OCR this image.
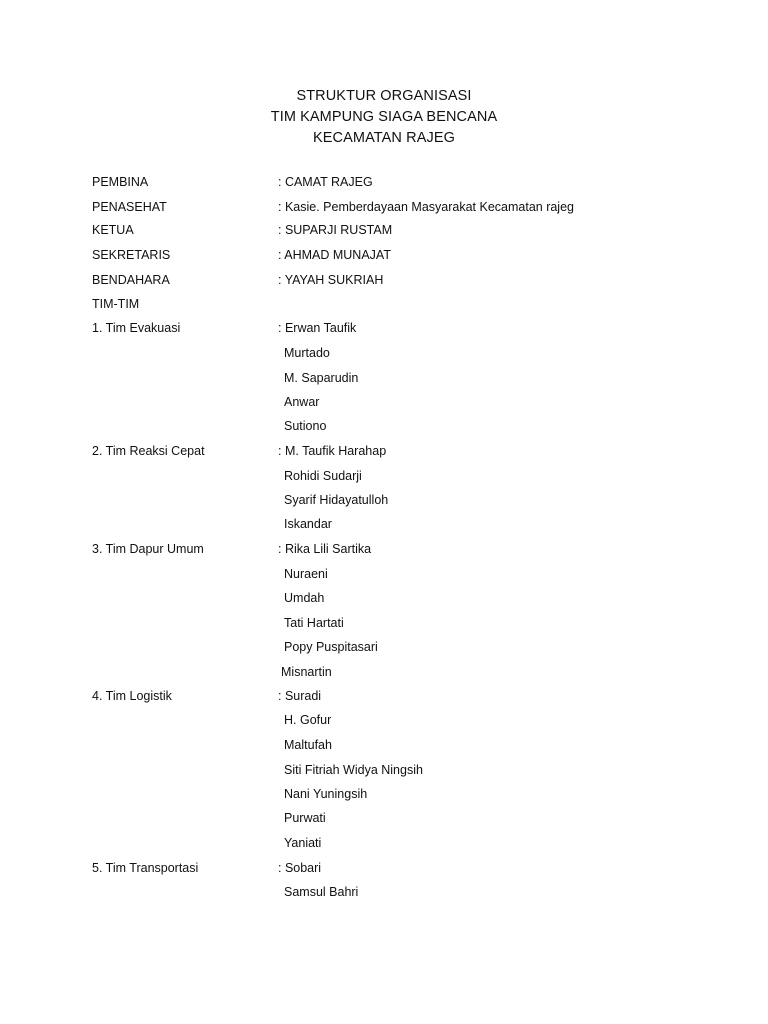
STRUKTUR ORGANISASI
TIM KAMPUNG SIAGA BENCANA
KECAMATAN RAJEG
PEMBINA	: CAMAT RAJEG
PENASEHAT	: Kasie. Pemberdayaan Masyarakat Kecamatan rajeg
KETUA	: SUPARJI RUSTAM
SEKRETARIS	: AHMAD MUNAJAT
BENDAHARA	: YAYAH SUKRIAH
TIM-TIM
1. Tim Evakuasi	: Erwan Taufik
Murtado
M. Saparudin
Anwar
Sutiono
2. Tim Reaksi Cepat	: M. Taufik Harahap
Rohidi Sudarji
Syarif Hidayatulloh
Iskandar
3. Tim Dapur Umum	: Rika Lili Sartika
Nuraeni
Umdah
Tati Hartati
Popy Puspitasari
Misnartin
4. Tim Logistik	: Suradi
H. Gofur
Maltufah
Siti Fitriah Widya Ningsih
Nani Yuningsih
Purwati
Yaniati
5. Tim Transportasi	: Sobari
Samsul Bahri
